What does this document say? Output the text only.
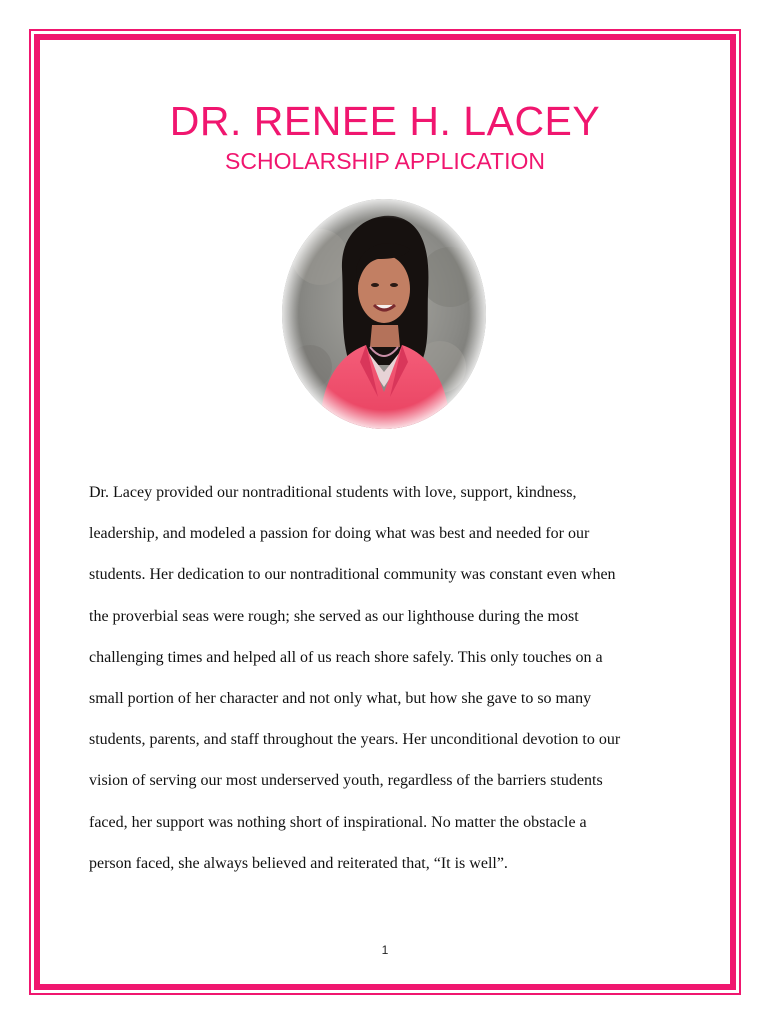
DR. RENEE H. LACEY
SCHOLARSHIP APPLICATION

Dr. Lacey provided our nontraditional students with love, support, kindness,

leadership, and modeled a passion for doing what was best and needed for our

students. Her dedication to our nontraditional community was constant even when

the proverbial seas were rough; she served as our lighthouse during the most

challenging times and helped all of us reach shore safely. This only touches on a

small portion of her character and not only what, but how she gave to so many

students, parents, and staff throughout the years. Her unconditional devotion to our

vision of serving our most underserved youth, regardless of the barriers students

faced, her support was nothing short of inspirational. No matter the obstacle a

person faced, she always believed and reiterated that, “It is well”.

1
